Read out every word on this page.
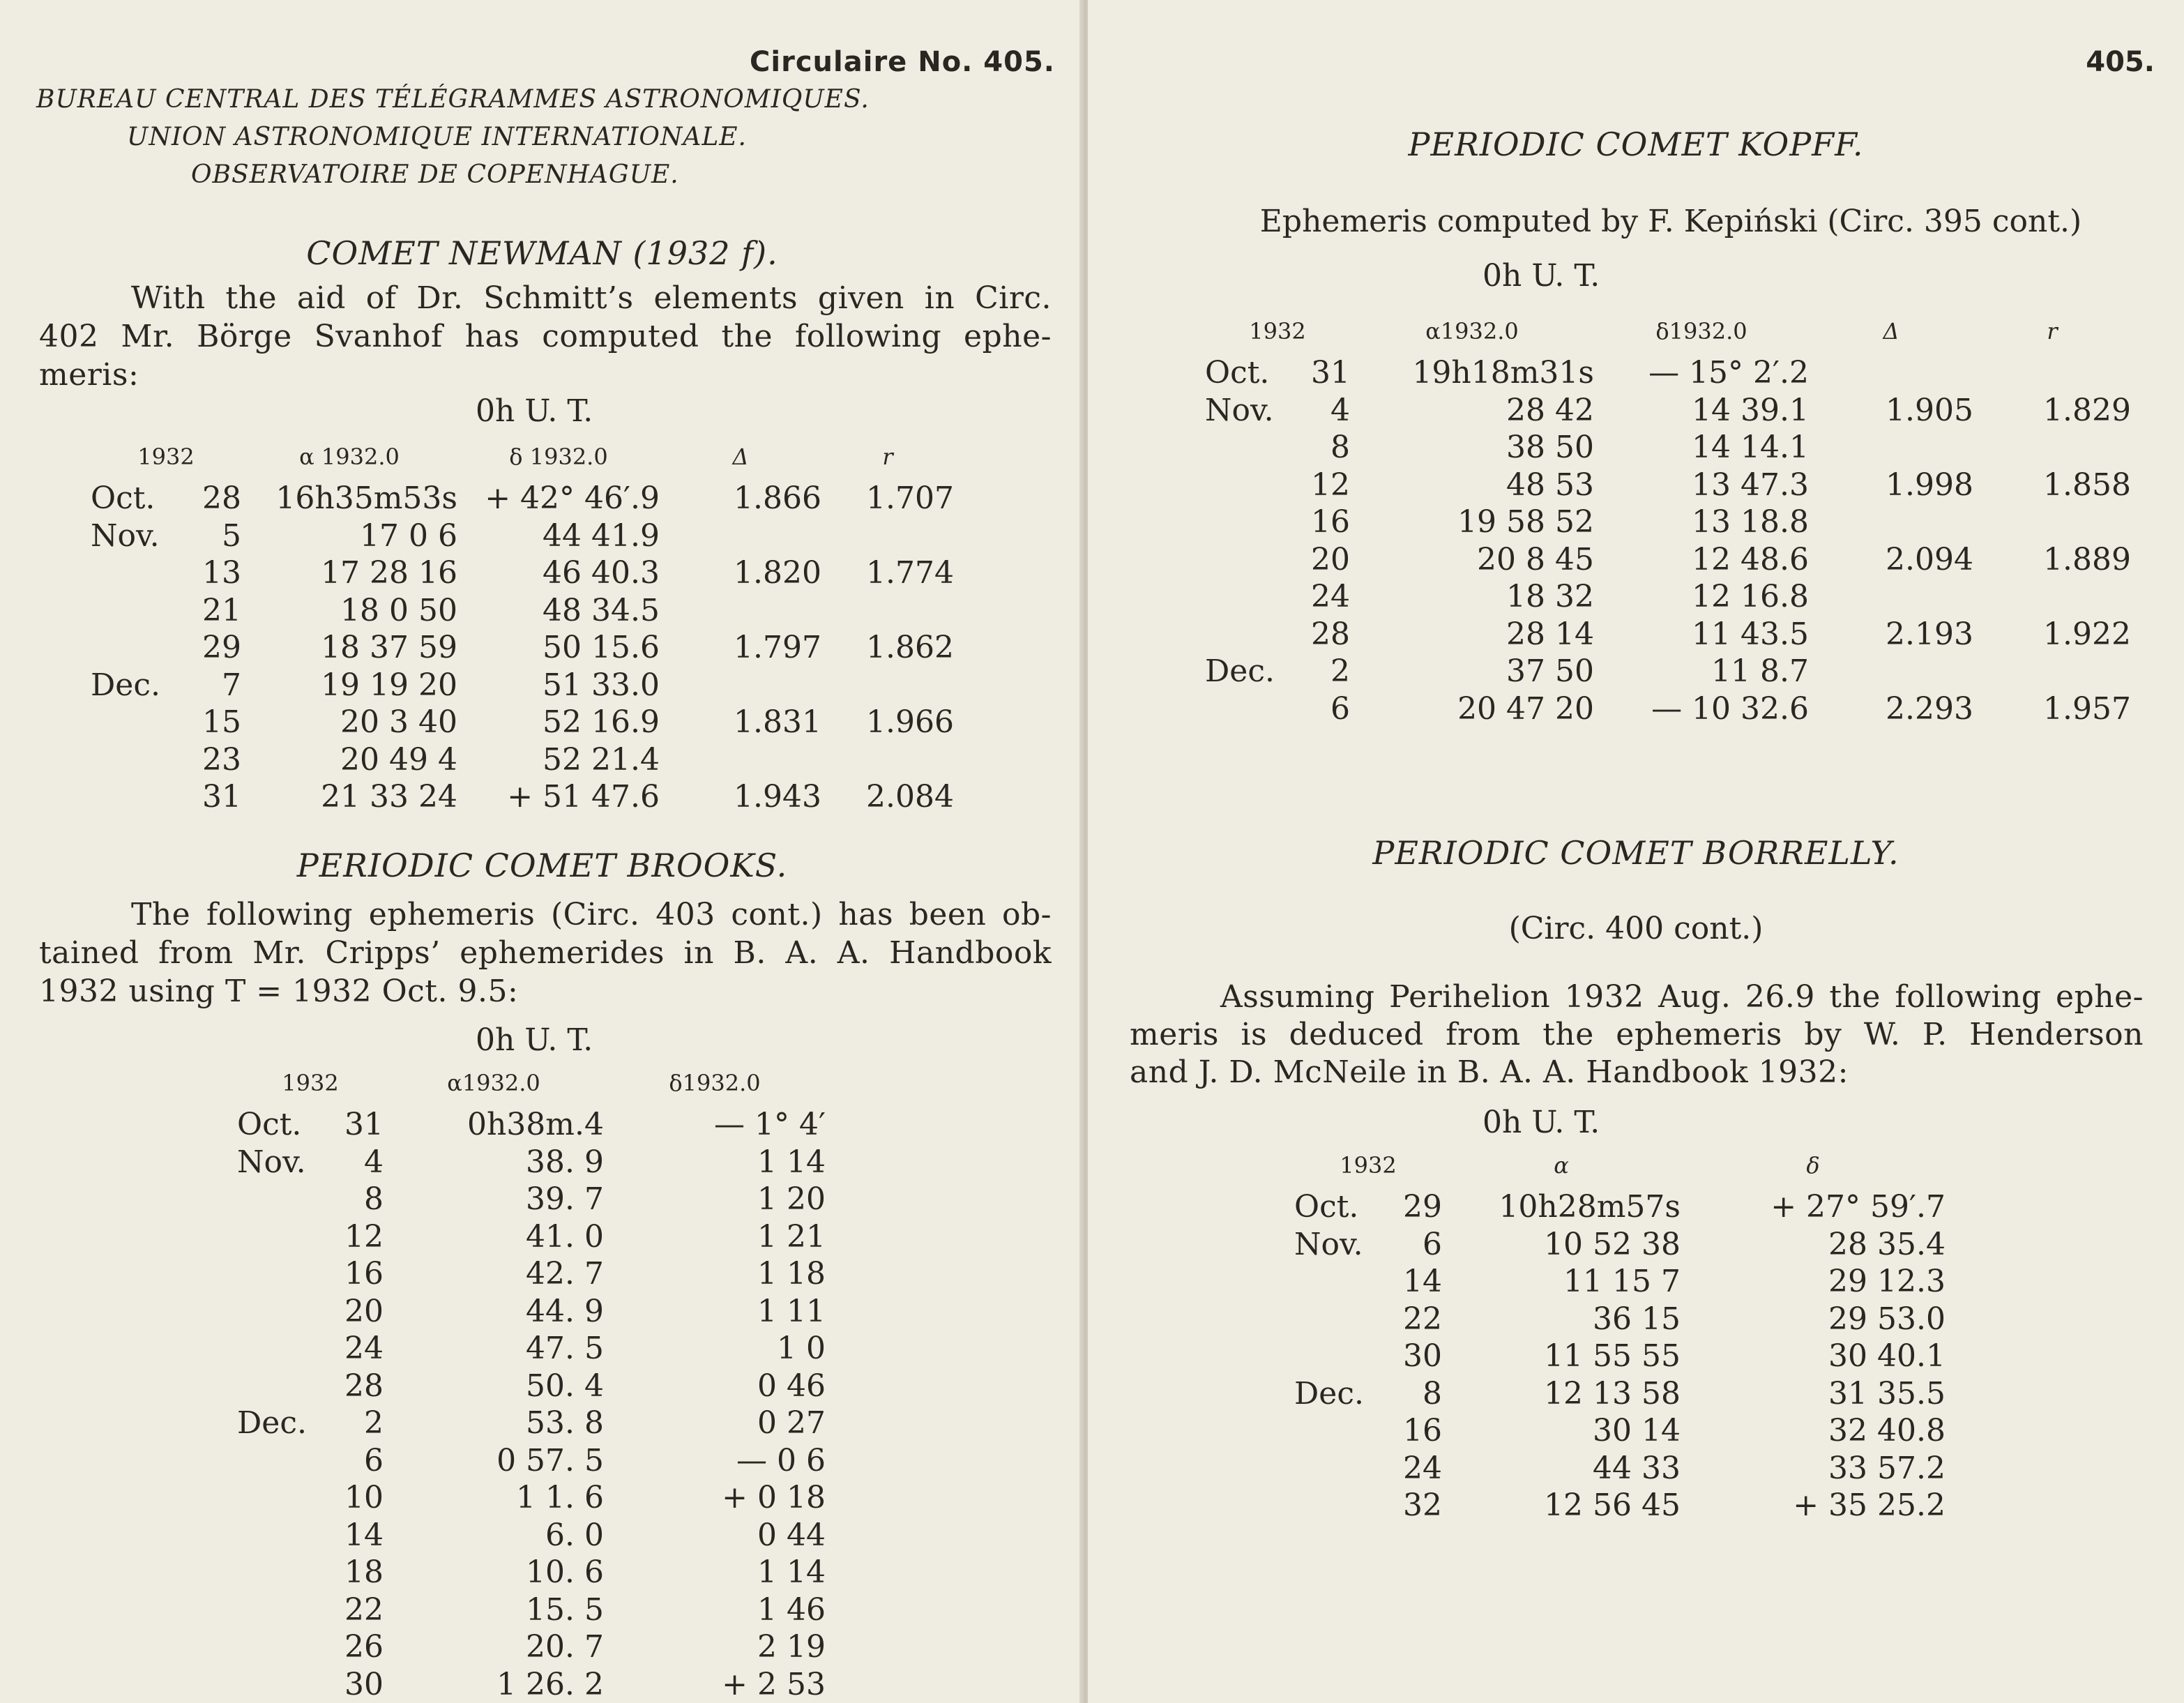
Circulaire No. 405.
BUREAU CENTRAL DES TÉLÉGRAMMES ASTRONOMIQUES.
UNION ASTRONOMIQUE INTERNATIONALE.
OBSERVATOIRE DE COPENHAGUE.
COMET NEWMAN (1932 f).
With the aid of Dr. Schmitt’s elements given in Circ.
402 Mr. Börge Svanhof has computed the following ephe-
meris:
0h U. T.
1932		α 1932.0	δ 1932.0	Δ	r
Oct.	28	16h35m53s	+ 42° 46′.9	1.866	1.707
Nov.	5	17 0 6	44 41.9		
	13	17 28 16	46 40.3	1.820	1.774
	21	18 0 50	48 34.5		
	29	18 37 59	50 15.6	1.797	1.862
Dec.	7	19 19 20	51 33.0		
	15	20 3 40	52 16.9	1.831	1.966
	23	20 49 4	52 21.4		
	31	21 33 24	+ 51 47.6	1.943	2.084
PERIODIC COMET BROOKS.
The following ephemeris (Circ. 403 cont.) has been ob-
tained from Mr. Cripps’ ephemerides in B. A. A. Handbook
1932 using T = 1932 Oct. 9.5:
0h U. T.
1932		α1932.0	δ1932.0
Oct.	31	0h38m.4	— 1° 4′
Nov.	4	38. 9	1 14
	8	39. 7	1 20
	12	41. 0	1 21
	16	42. 7	1 18
	20	44. 9	1 11
	24	47. 5	1 0
	28	50. 4	0 46
Dec.	2	53. 8	0 27
	6	0 57. 5	— 0 6
	10	1 1. 6	+ 0 18
	14	6. 0	0 44
	18	10. 6	1 14
	22	15. 5	1 46
	26	20. 7	2 19
	30	1 26. 2	+ 2 53
405.
PERIODIC COMET KOPFF.
Ephemeris computed by F. Kepiński (Circ. 395 cont.)
0h U. T.
1932		α1932.0	δ1932.0	Δ	r
Oct.	31	19h18m31s	— 15° 2′.2		
Nov.	4	28 42	14 39.1	1.905	1.829
	8	38 50	14 14.1		
	12	48 53	13 47.3	1.998	1.858
	16	19 58 52	13 18.8		
	20	20 8 45	12 48.6	2.094	1.889
	24	18 32	12 16.8		
	28	28 14	11 43.5	2.193	1.922
Dec.	2	37 50	11 8.7		
	6	20 47 20	— 10 32.6	2.293	1.957
PERIODIC COMET BORRELLY.
(Circ. 400 cont.)
Assuming Perihelion 1932 Aug. 26.9 the following ephe-
meris is deduced from the ephemeris by W. P. Henderson
and J. D. McNeile in B. A. A. Handbook 1932:
0h U. T.
1932		α	δ
Oct.	29	10h28m57s	+ 27° 59′.7
Nov.	6	10 52 38	28 35.4
	14	11 15 7	29 12.3
	22	36 15	29 53.0
	30	11 55 55	30 40.1
Dec.	8	12 13 58	31 35.5
	16	30 14	32 40.8
	24	44 33	33 57.2
	32	12 56 45	+ 35 25.2
